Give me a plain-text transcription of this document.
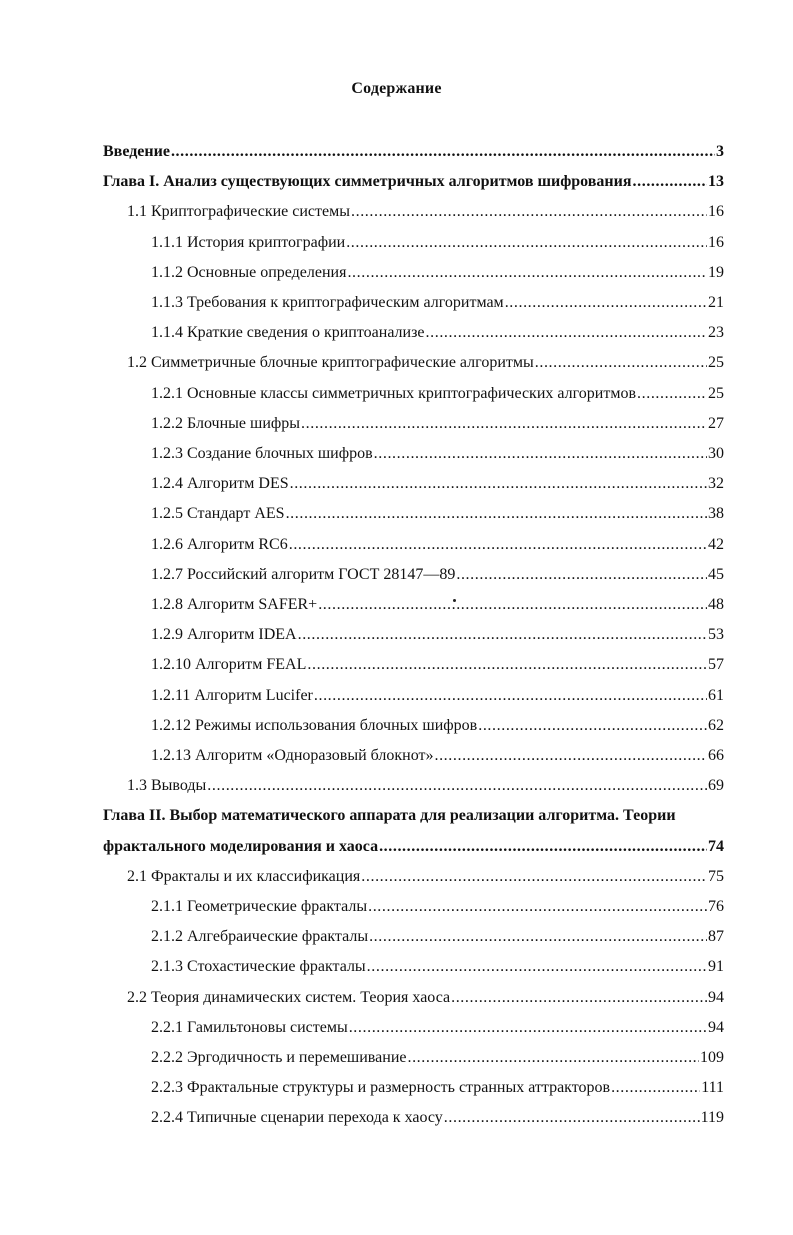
Содержание
Введение .....	3
Глава I. Анализ существующих симметричных алгоритмов шифрования .....	13
1.1 Криптографические системы .....	16
1.1.1 История криптографии .....	16
1.1.2 Основные определения .....	19
1.1.3 Требования к криптографическим алгоритмам .....	21
1.1.4 Краткие сведения о криптоанализе .....	23
1.2 Симметричные блочные криптографические алгоритмы .....	25
1.2.1 Основные классы симметричных криптографических алгоритмов .....	25
1.2.2 Блочные шифры .....	27
1.2.3 Создание блочных шифров .....	30
1.2.4 Алгоритм DES .....	32
1.2.5 Стандарт AES .....	38
1.2.6 Алгоритм RC6 .....	42
1.2.7 Российский алгоритм ГОСТ 28147—89 .....	45
1.2.8 Алгоритм SAFER+ .....	48
1.2.9 Алгоритм IDEA .....	53
1.2.10 Алгоритм FEAL .....	57
1.2.11 Алгоритм Lucifer .....	61
1.2.12 Режимы использования блочных шифров .....	62
1.2.13 Алгоритм «Одноразовый блокнот» .....	66
1.3 Выводы .....	69
Глава II. Выбор математического аппарата для реализации алгоритма. Теории
фрактального моделирования и хаоса .....	74
2.1 Фракталы и их классификация .....	75
2.1.1 Геометрические фракталы .....	76
2.1.2 Алгебраические фракталы .....	87
2.1.3 Стохастические фракталы .....	91
2.2 Теория динамических систем. Теория хаоса .....	94
2.2.1 Гамильтоновы системы .....	94
2.2.2 Эргодичность и перемешивание .....	109
2.2.3 Фрактальные структуры и размерность странных аттракторов .....	111
2.2.4 Типичные сценарии перехода к хаосу .....	119
